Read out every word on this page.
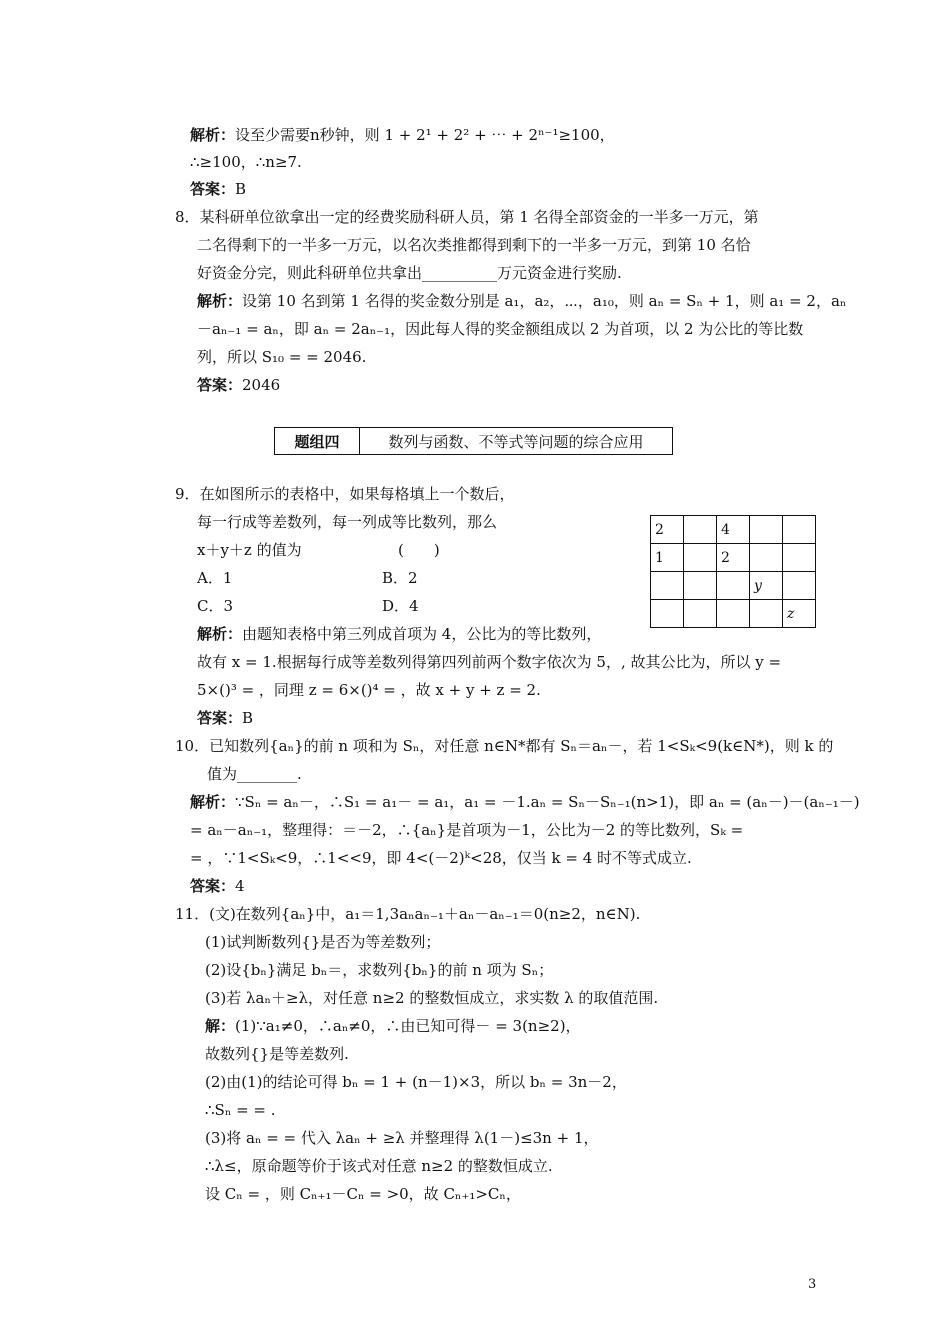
解析：设至少需要n秒钟，则 1 + 2¹ + 2² + ⋯ + 2ⁿ⁻¹≥100，
∴≥100，∴n≥7.
答案：B
8．某科研单位欲拿出一定的经费奖励科研人员，第 1 名得全部资金的一半多一万元，第
二名得剩下的一半多一万元，以名次类推都得到剩下的一半多一万元，到第 10 名恰
好资金分完，则此科研单位共拿出__________万元资金进行奖励.
解析：设第 10 名到第 1 名得的奖金数分别是 a₁，a₂，⋯，a₁₀，则 aₙ = Sₙ + 1，则 a₁ = 2，aₙ
－aₙ₋₁ = aₙ，即 aₙ = 2aₙ₋₁，因此每人得的奖金额组成以 2 为首项，以 2 为公比的等比数
列，所以 S₁₀ = = 2046.
答案：2046
题组四	数列与函数、不等式等问题的综合应用
9．在如图所示的表格中，如果每格填上一个数后，
每一行成等差数列，每一列成等比数列，那么
x＋y＋z 的值为	(　　)
A．1	B．2
C．3	D．4
解析：由题知表格中第三列成首项为 4，公比为的等比数列，
故有 x = 1.根据每行成等差数列得第四列前两个数字依次为 5，, 故其公比为，所以 y =
5×()³ = ，同理 z = 6×()⁴ = ，故 x + y + z = 2.
答案：B
2		4		
1		2		
			y	
				z
10．已知数列{aₙ}的前 n 项和为 Sₙ，对任意 n∈N*都有 Sₙ＝aₙ－，若 1<Sₖ<9(k∈N*)，则 k 的
值为________.
解析：∵Sₙ = aₙ－，∴S₁ = a₁－ = a₁，a₁ = －1.aₙ = Sₙ－Sₙ₋₁(n>1)，即 aₙ = (aₙ－)－(aₙ₋₁－)
= aₙ－aₙ₋₁，整理得：＝－2，∴{aₙ}是首项为－1，公比为－2 的等比数列，Sₖ =
= ，∵1<Sₖ<9，∴1<<9，即 4<(－2)ᵏ<28，仅当 k = 4 时不等式成立.
答案：4
11．(文)在数列{aₙ}中，a₁＝1,3aₙaₙ₋₁＋aₙ－aₙ₋₁＝0(n≥2，n∈N).
(1)试判断数列{}是否为等差数列；
(2)设{bₙ}满足 bₙ＝，求数列{bₙ}的前 n 项为 Sₙ；
(3)若 λaₙ＋≥λ，对任意 n≥2 的整数恒成立，求实数 λ 的取值范围.
解：(1)∵a₁≠0，∴aₙ≠0，∴由已知可得－ = 3(n≥2)，
故数列{}是等差数列.
(2)由(1)的结论可得 bₙ = 1 + (n－1)×3，所以 bₙ = 3n－2，
∴Sₙ = = .
(3)将 aₙ = = 代入 λaₙ + ≥λ 并整理得 λ(1－)≤3n + 1，
∴λ≤，原命题等价于该式对任意 n≥2 的整数恒成立.
设 Cₙ = ，则 Cₙ₊₁－Cₙ = >0，故 Cₙ₊₁>Cₙ，
3
